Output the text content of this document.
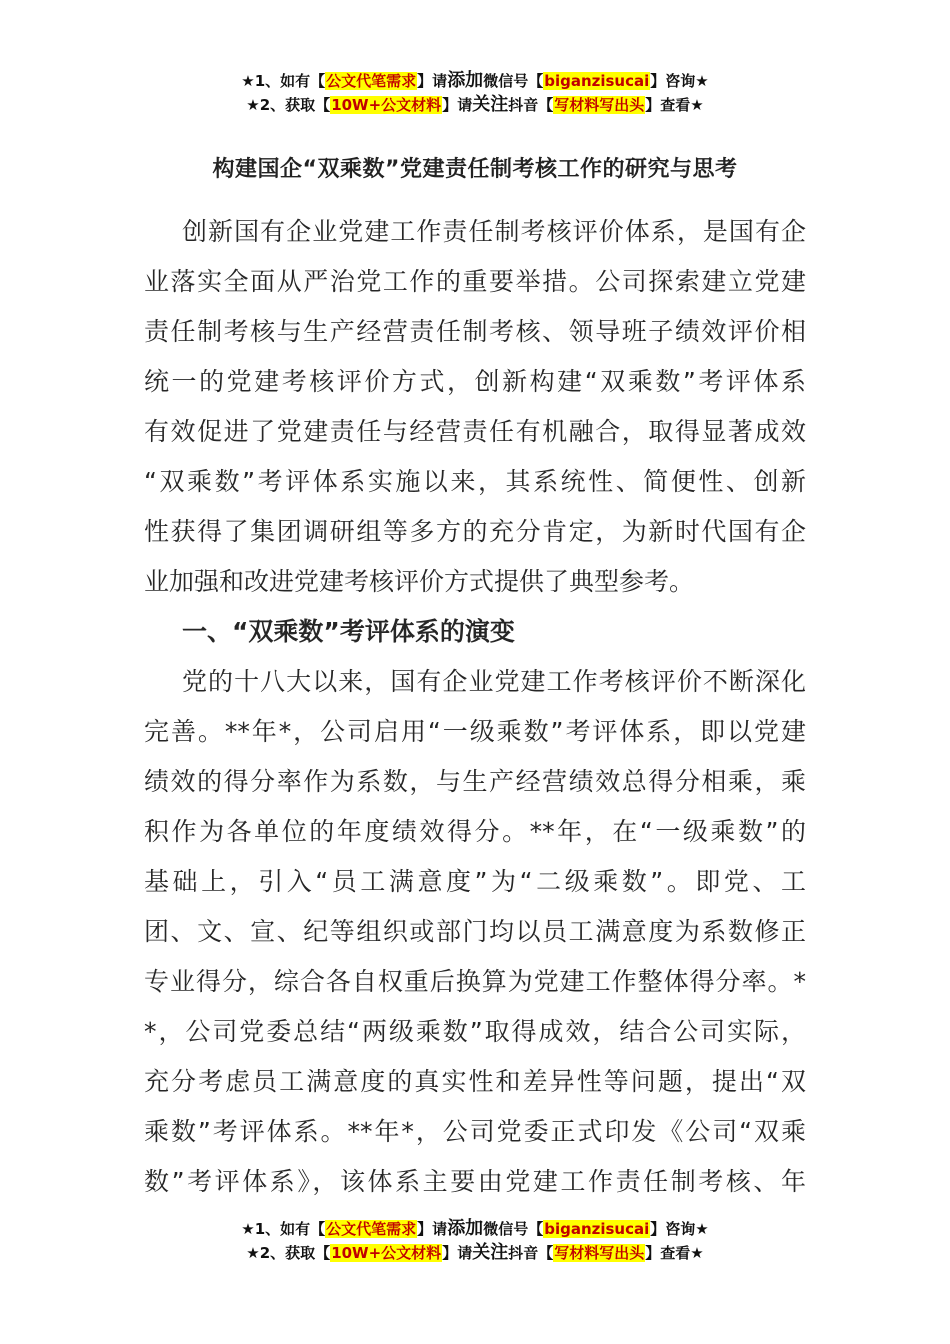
★1、如有【公文代笔需求】请添加微信号【biganzisucai】咨询★
★2、获取【10W+公文材料】请关注抖音【写材料写出头】查看★
构建国企“双乘数”党建责任制考核工作的研究与思考
创新国有企业党建工作责任制考核评价体系，是国有企
业落实全面从严治党工作的重要举措。公司探索建立党建
责任制考核与生产经营责任制考核、领导班子绩效评价相
统一的党建考核评价方式，创新构建“双乘数”考评体系
有效促进了党建责任与经营责任有机融合，取得显著成效
“双乘数”考评体系实施以来，其系统性、简便性、创新
性获得了集团调研组等多方的充分肯定，为新时代国有企
业加强和改进党建考核评价方式提供了典型参考。
一、“双乘数”考评体系的演变
党的十八大以来，国有企业党建工作考核评价不断深化
完善。**年*，公司启用“一级乘数”考评体系，即以党建
绩效的得分率作为系数，与生产经营绩效总得分相乘，乘
积作为各单位的年度绩效得分。**年，在“一级乘数”的
基础上，引入“员工满意度”为“二级乘数”。即党、工
团、文、宣、纪等组织或部门均以员工满意度为系数修正
专业得分，综合各自权重后换算为党建工作整体得分率。*
*，公司党委总结“两级乘数”取得成效，结合公司实际，
充分考虑员工满意度的真实性和差异性等问题，提出“双
乘数”考评体系。**年*，公司党委正式印发《公司“双乘
数”考评体系》，该体系主要由党建工作责任制考核、年
★1、如有【公文代笔需求】请添加微信号【biganzisucai】咨询★
★2、获取【10W+公文材料】请关注抖音【写材料写出头】查看★
